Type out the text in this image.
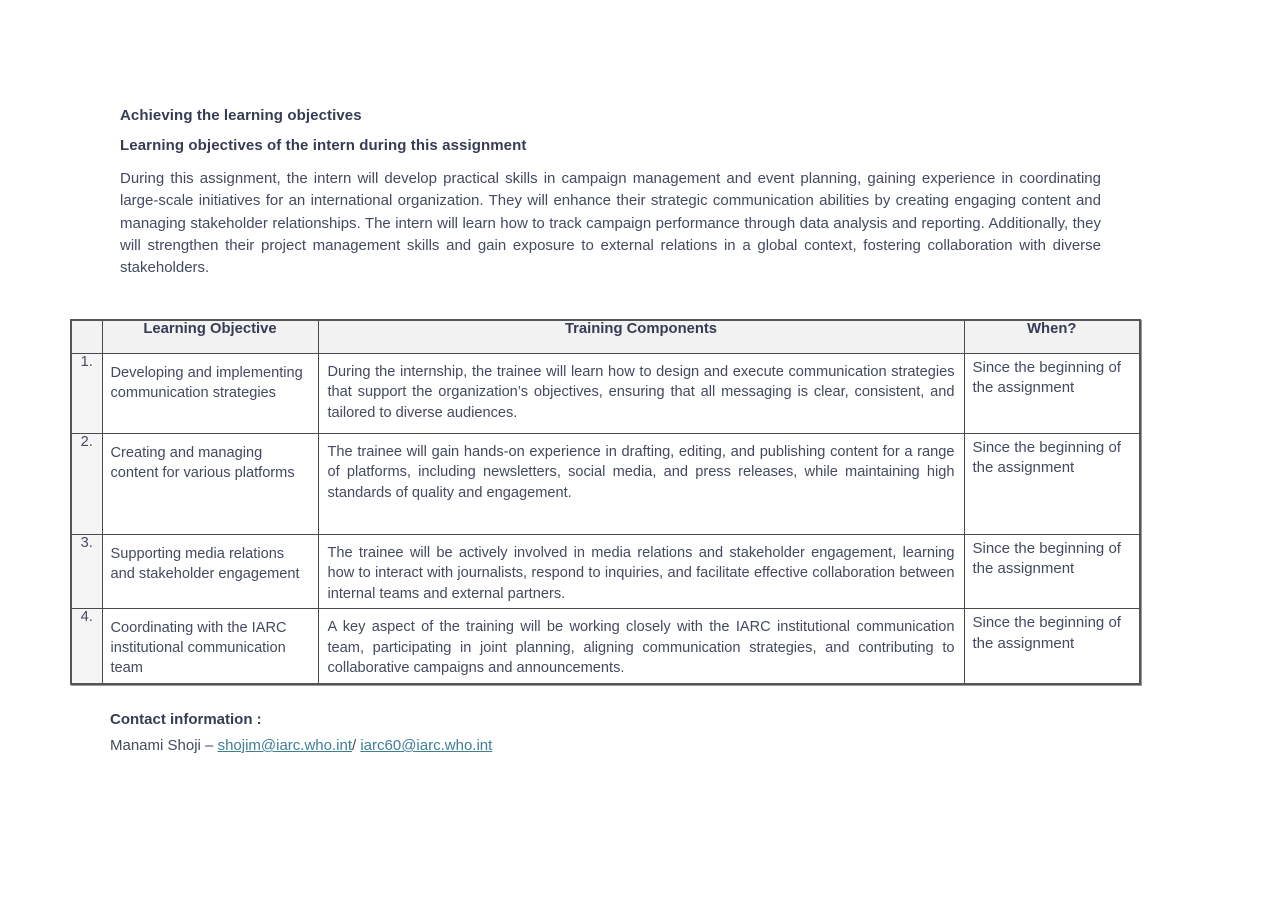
Achieving the learning objectives
Learning objectives of the intern during this assignment
During this assignment, the intern will develop practical skills in campaign management and event planning, gaining experience in coordinating large-scale initiatives for an international organization. They will enhance their strategic communication abilities by creating engaging content and managing stakeholder relationships. The intern will learn how to track campaign performance through data analysis and reporting. Additionally, they will strengthen their project management skills and gain exposure to external relations in a global context, fostering collaboration with diverse stakeholders.
	Learning Objective	Training Components	When?
1.	Developing and implementing communication strategies	During the internship, the trainee will learn how to design and execute communication strategies that support the organization’s objectives, ensuring that all messaging is clear, consistent, and tailored to diverse audiences.	Since the beginning of the assignment
2.	Creating and managing content for various platforms	The trainee will gain hands-on experience in drafting, editing, and publishing content for a range of platforms, including newsletters, social media, and press releases, while maintaining high standards of quality and engagement.	Since the beginning of the assignment
3.	Supporting media relations and stakeholder engagement	The trainee will be actively involved in media relations and stakeholder engagement, learning how to interact with journalists, respond to inquiries, and facilitate effective collaboration between internal teams and external partners.	Since the beginning of the assignment
4.	Coordinating with the IARC institutional communication team	A key aspect of the training will be working closely with the IARC institutional communication team, participating in joint planning, aligning communication strategies, and contributing to collaborative campaigns and announcements.	Since the beginning of the assignment
Contact information :
Manami Shoji – shojim@iarc.who.int/ iarc60@iarc.who.int
